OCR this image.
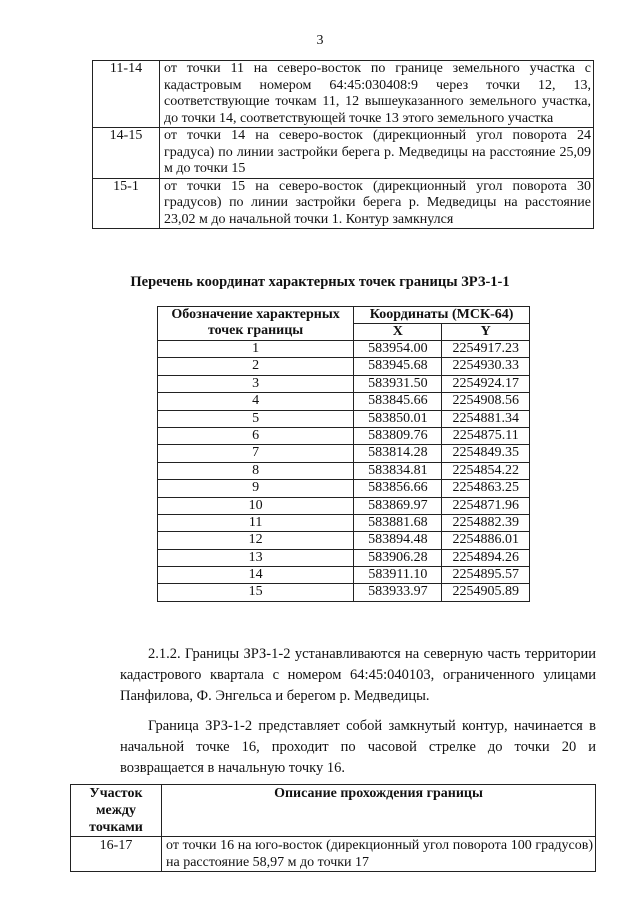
3
11-14	от точки 11 на северо-восток по границе земельного участка с кадастровым номером 64:45:030408:9 через точки 12, 13, соответствующие точкам 11, 12 вышеуказанного земельного участка, до точки 14, соответствующей точке 13 этого земельного участка
14-15	от точки 14 на северо-восток (дирекционный угол поворота 24 градуса) по линии застройки берега р. Медведицы на расстояние 25,09 м до точки 15
15-1	от точки 15 на северо-восток (дирекционный угол поворота 30 градусов) по линии застройки берега р. Медведицы на расстояние 23,02 м до начальной точки 1. Контур замкнулся
Перечень координат характерных точек границы ЗРЗ-1-1
Обозначение характерных точек границы	Координаты (МСК-64)	
	X	Y
1	583954.00	2254917.23
2	583945.68	2254930.33
3	583931.50	2254924.17
4	583845.66	2254908.56
5	583850.01	2254881.34
6	583809.76	2254875.11
7	583814.28	2254849.35
8	583834.81	2254854.22
9	583856.66	2254863.25
10	583869.97	2254871.96
11	583881.68	2254882.39
12	583894.48	2254886.01
13	583906.28	2254894.26
14	583911.10	2254895.57
15	583933.97	2254905.89
2.1.2. Границы ЗРЗ-1-2 устанавливаются на северную часть территории кадастрового квартала с номером 64:45:040103, ограниченного улицами Панфилова, Ф. Энгельса и берегом р. Медведицы.
Граница ЗРЗ-1-2 представляет собой замкнутый контур, начинается в начальной точке 16, проходит по часовой стрелке до точки 20 и возвращается в начальную точку 16.
Участок между точками	Описание прохождения границы
16-17	от точки 16 на юго-восток (дирекционный угол поворота 100 градусов) на расстояние 58,97 м до точки 17
